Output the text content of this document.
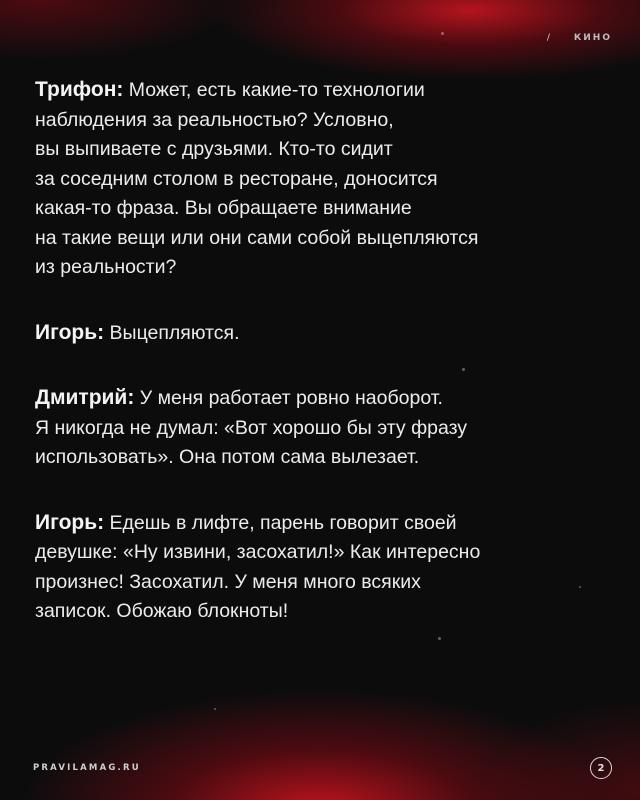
/ КИНО

Трифон: Может, есть какие-то технологии
наблюдения за реальностью? Условно,
вы выпиваете с друзьями. Кто-то сидит
за соседним столом в ресторане, доносится
какая-то фраза. Вы обращаете внимание
на такие вещи или они сами собой выцепляются
из реальности?

Игорь: Выцепляются.

Дмитрий: У меня работает ровно наоборот.
Я никогда не думал: «Вот хорошо бы эту фразу
использовать». Она потом сама вылезает.

Игорь: Едешь в лифте, парень говорит своей
девушке: «Ну извини, засохатил!» Как интересно
произнес! Засохатил. У меня много всяких
записок. Обожаю блокноты!

PRAVILAMAG.RU	2
